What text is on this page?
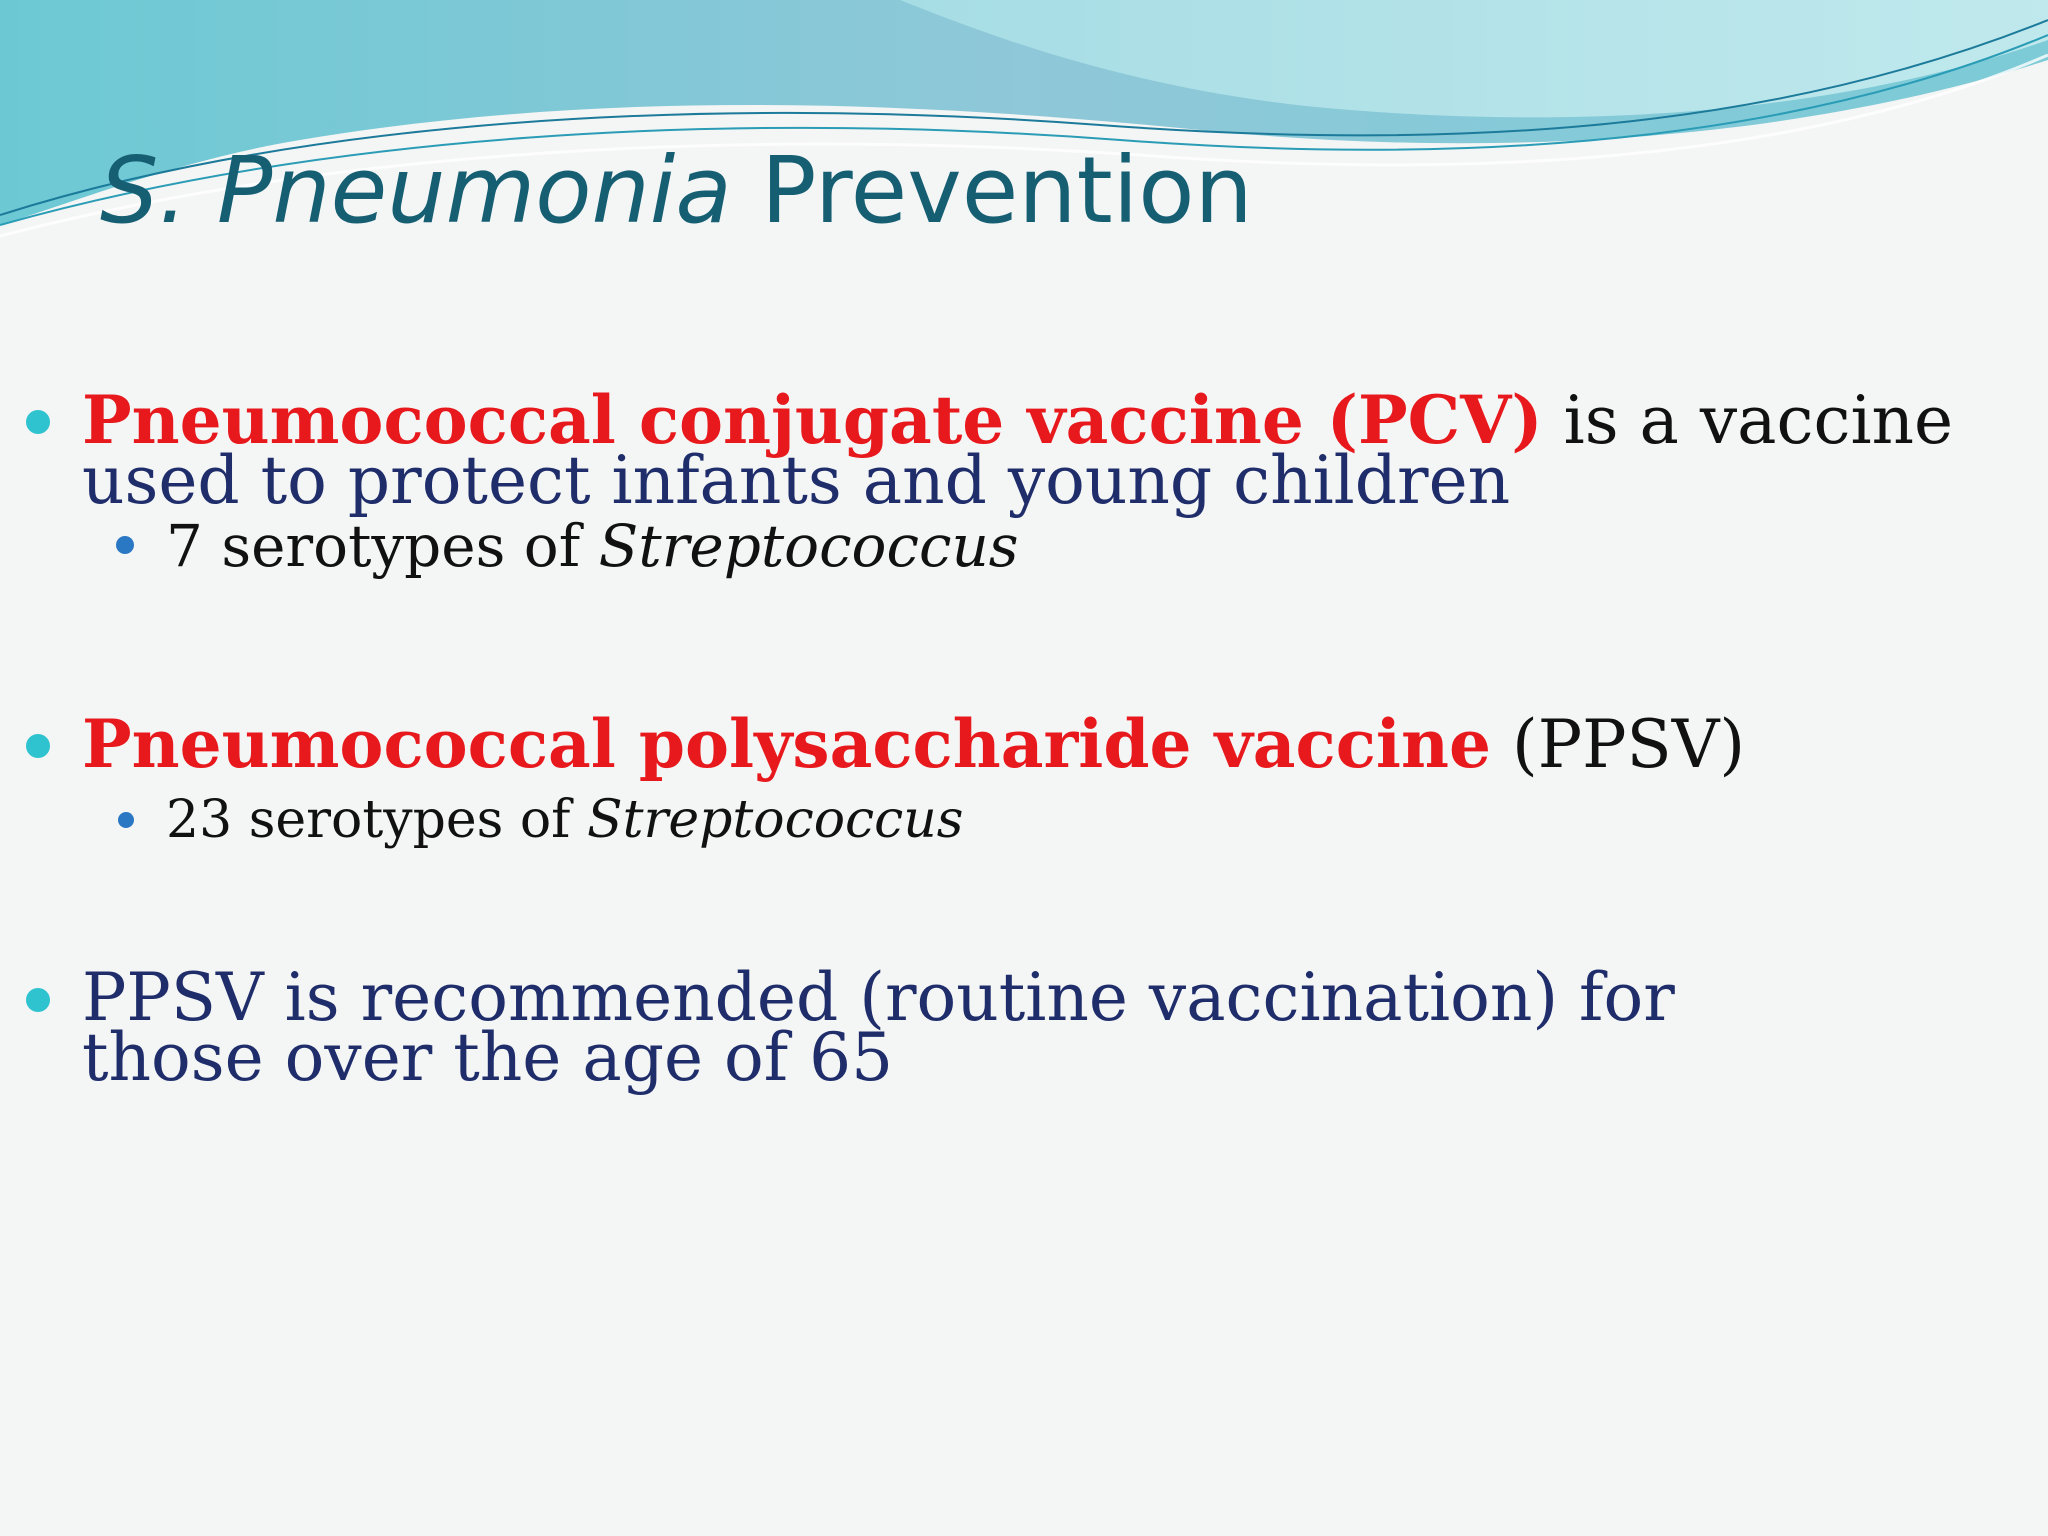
S. Pneumonia Prevention
Pneumococcal conjugate vaccine (PCV) is a vaccine
used to protect infants and young children
7 serotypes of Streptococcus
Pneumococcal polysaccharide vaccine (PPSV)
23 serotypes of Streptococcus
PPSV is recommended (routine vaccination) for those over the age of 65
